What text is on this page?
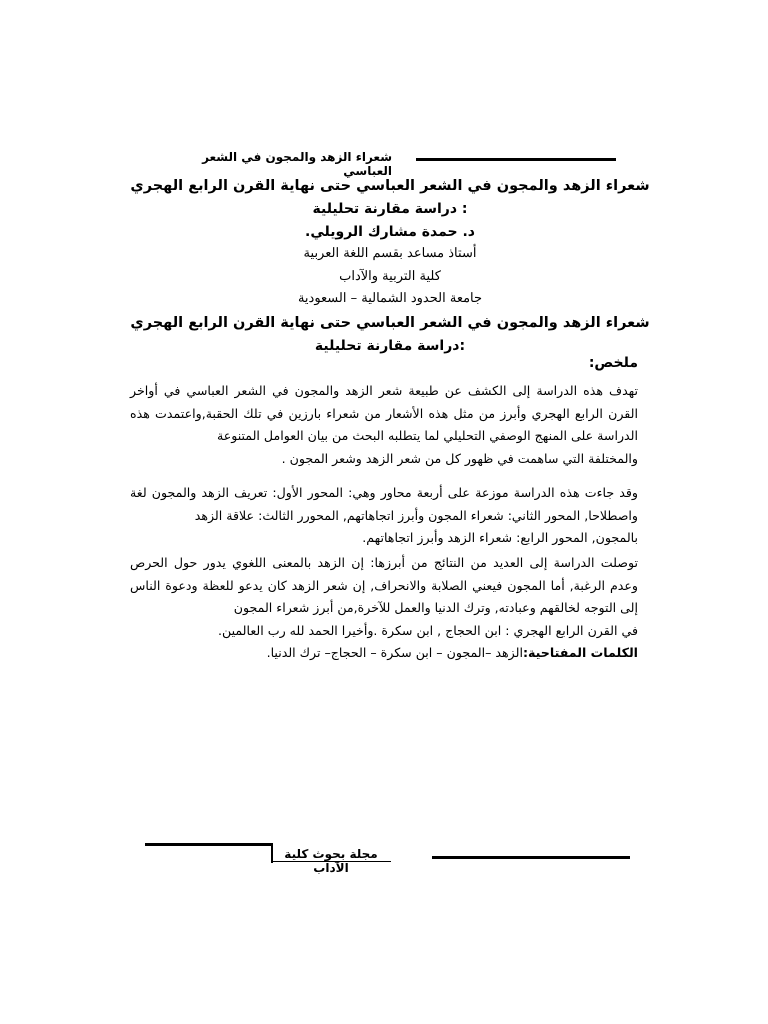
شعراء الزهد والمجون في الشعر العباسي
شعراء الزهد والمجون في الشعر العباسي حتى نهاية القرن الرابع الهجري
: دراسة مقارنة تحليلية
د. حمدة مشارك الرويلي.
أستاذ مساعد بقسم اللغة العربية
كلية التربية والآداب
جامعة الحدود الشمالية – السعودية
شعراء الزهد والمجون في الشعر العباسي حتى نهاية القرن الرابع الهجري
:دراسة مقارنة تحليلية
ملخص:
تهدف هذه الدراسة إلى الكشف عن طبيعة شعر الزهد والمجون في الشعر العباسي في أواخر القرن الرابع الهجري وأبرز من مثل هذه الأشعار من شعراء بارزين في تلك الحقبة,واعتمدت هذه الدراسة على المنهج الوصفي التحليلي لما يتطلبه البحث من بيان العوامل المتنوعة
والمختلفة التي ساهمت في ظهور كل من شعر الزهد وشعر المجون .
وقد جاءت هذه الدراسة موزعة على أربعة محاور وهي: المحور الأول: تعريف الزهد والمجون لغة واصطلاحا, المحور الثاني: شعراء المجون وأبرز اتجاهاتهم, المحورر الثالث: علاقة الزهد
بالمجون, المحور الرابع: شعراء الزهد وأبرز اتجاهاتهم.
توصلت الدراسة إلى العديد من النتائج من أبرزها: إن الزهد بالمعنى اللغوي يدور حول الحرص وعدم الرغبة, أما المجون فيعني الصلابة والانحراف, إن شعر الزهد كان يدعو للعظة ودعوة الناس إلى التوجه لخالقهم وعبادته, وترك الدنيا والعمل للآخرة,من أبرز شعراء المجون
في القرن الرابع الهجري : ابن الحجاج , ابن سكرة .وأخيرا الحمد لله رب العالمين.
الكلمات المفتاحية:الزهد –المجون – ابن سكرة – الحجاج– ترك الدنيا.
مجلة بحوث كلية الآداب
